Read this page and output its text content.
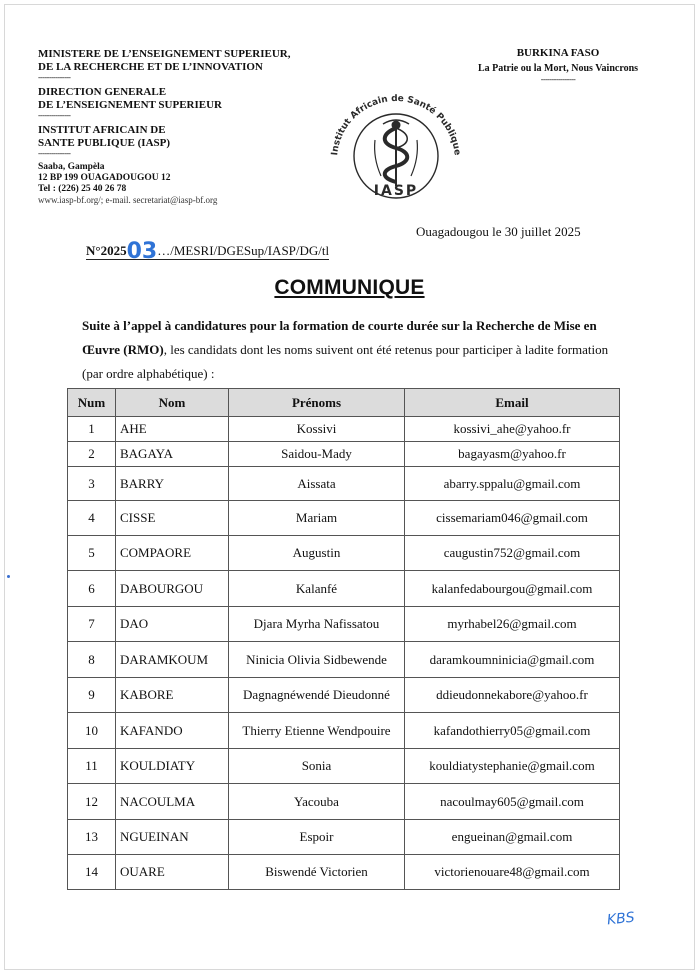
MINISTERE DE L’ENSEIGNEMENT SUPERIEUR,
DE LA RECHERCHE ET DE L’INNOVATION
---------------
DIRECTION GENERALE
DE L’ENSEIGNEMENT SUPERIEUR
---------------
INSTITUT AFRICAIN DE
SANTE PUBLIQUE (IASP)
---------------
Saaba, Gampèla
12 BP 199 OUAGADOUGOU 12
Tel : (226) 25 40 26 78
www.iasp-bf.org/; e-mail. secretariat@iasp-bf.org
BURKINA FASO
La Patrie ou la Mort, Nous Vaincrons
----------------
Institut Africain de Santé Publique
IASP
Ouagadougou le 30 juillet 2025
N°202503…/MESRI/DGESup/IASP/DG/tl
COMMUNIQUE
Suite à l’appel à candidatures pour la formation de courte durée sur la Recherche de Mise en Œuvre (RMO), les candidats dont les noms suivent ont été retenus pour participer à ladite formation (par ordre alphabétique) :
Num	Nom	Prénoms	Email
1	AHE	Kossivi	kossivi_ahe@yahoo.fr
2	BAGAYA	Saidou-Mady	bagayasm@yahoo.fr
3	BARRY	Aissata	abarry.sppalu@gmail.com
4	CISSE	Mariam	cissemariam046@gmail.com
5	COMPAORE	Augustin	caugustin752@gmail.com
6	DABOURGOU	Kalanfé	kalanfedabourgou@gmail.com
7	DAO	Djara Myrha Nafissatou	myrhabel26@gmail.com
8	DARAMKOUM	Ninicia Olivia Sidbewende	daramkoumninicia@gmail.com
9	KABORE	Dagnagnéwendé Dieudonné	ddieudonnekabore@yahoo.fr
10	KAFANDO	Thierry Etienne Wendpouire	kafandothierry05@gmail.com
11	KOULDIATY	Sonia	kouldiatystephanie@gmail.com
12	NACOULMA	Yacouba	nacoulmay605@gmail.com
13	NGUEINAN	Espoir	engueinan@gmail.com
14	OUARE	Biswendé Victorien	victorienouare48@gmail.com
KBS
